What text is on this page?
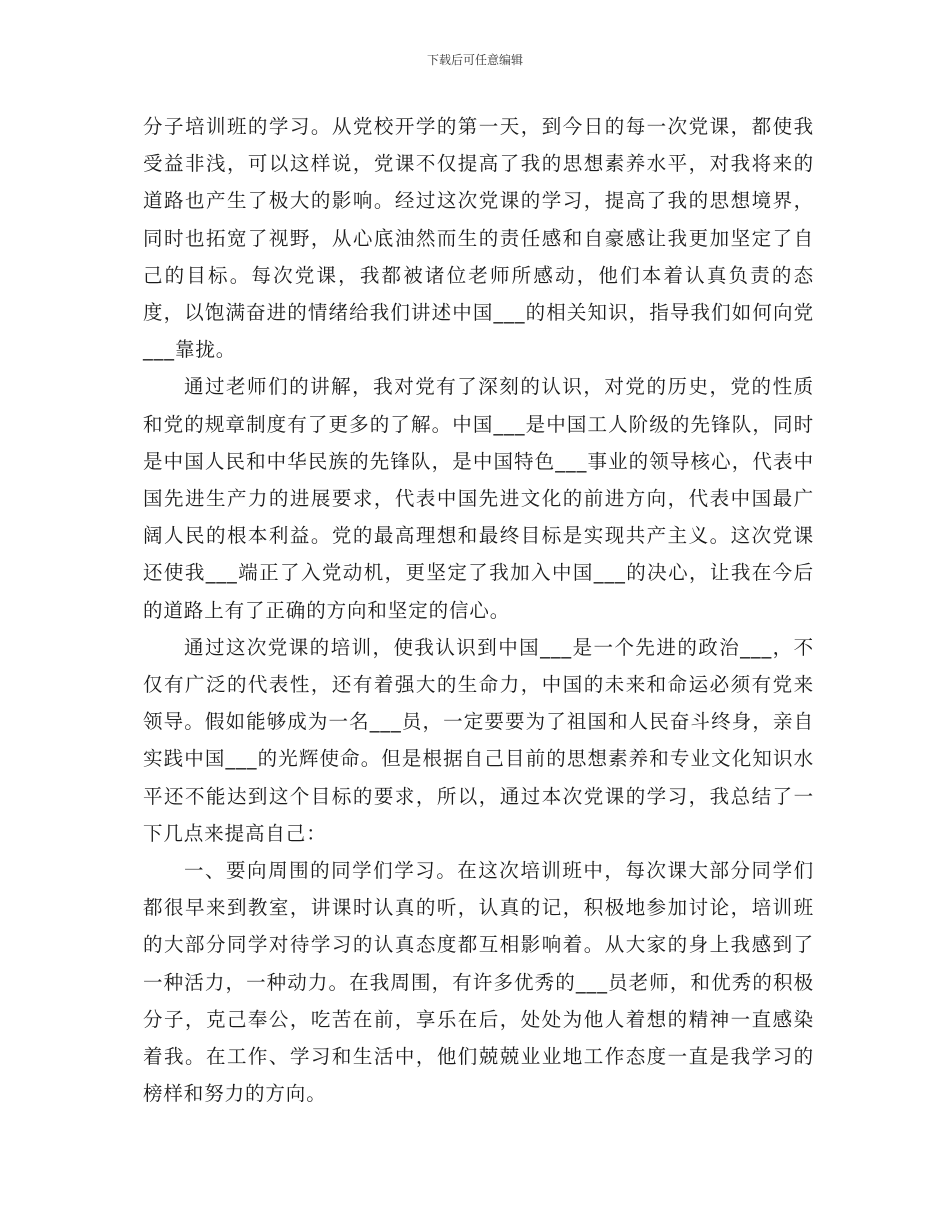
下载后可任意编辑

分子培训班的学习。从党校开学的第一天，到今日的每一次党课，都使我受益非浅，可以这样说，党课不仅提高了我的思想素养水平，对我将来的道路也产生了极大的影响。经过这次党课的学习，提高了我的思想境界，同时也拓宽了视野，从心底油然而生的责任感和自豪感让我更加坚定了自己的目标。每次党课，我都被诸位老师所感动，他们本着认真负责的态度，以饱满奋进的情绪给我们讲述中国___的相关知识，指导我们如何向党___靠拢。

通过老师们的讲解，我对党有了深刻的认识，对党的历史，党的性质和党的规章制度有了更多的了解。中国___是中国工人阶级的先锋队，同时是中国人民和中华民族的先锋队，是中国特色___事业的领导核心，代表中国先进生产力的进展要求，代表中国先进文化的前进方向，代表中国最广阔人民的根本利益。党的最高理想和最终目标是实现共产主义。这次党课还使我___端正了入党动机，更坚定了我加入中国___的决心，让我在今后的道路上有了正确的方向和坚定的信心。

通过这次党课的培训，使我认识到中国___是一个先进的政治___，不仅有广泛的代表性，还有着强大的生命力，中国的未来和命运必须有党来领导。假如能够成为一名___员，一定要要为了祖国和人民奋斗终身，亲自实践中国___的光辉使命。但是根据自己目前的思想素养和专业文化知识水平还不能达到这个目标的要求，所以，通过本次党课的学习，我总结了一下几点来提高自己：

一、要向周围的同学们学习。在这次培训班中，每次课大部分同学们都很早来到教室，讲课时认真的听，认真的记，积极地参加讨论，培训班的大部分同学对待学习的认真态度都互相影响着。从大家的身上我感到了一种活力，一种动力。在我周围，有许多优秀的___员老师，和优秀的积极分子，克己奉公，吃苦在前，享乐在后，处处为他人着想的精神一直感染着我。在工作、学习和生活中，他们兢兢业业地工作态度一直是我学习的榜样和努力的方向。
